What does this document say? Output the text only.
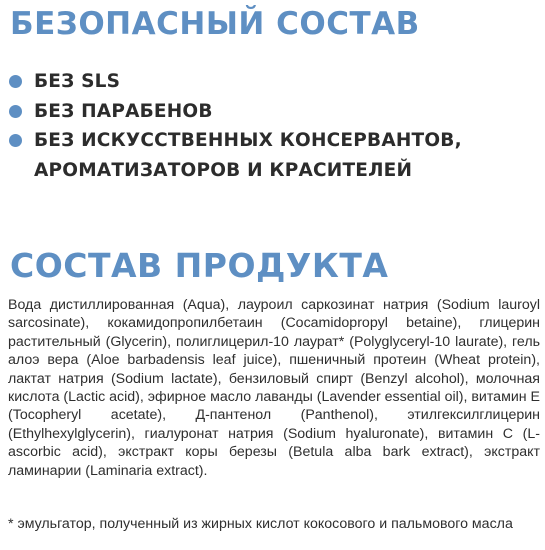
БЕЗОПАСНЫЙ СОСТАВ
БЕЗ SLS
БЕЗ ПАРАБЕНОВ
БЕЗ ИСКУССТВЕННЫХ КОНСЕРВАНТОВ, АРОМАТИЗАТОРОВ И КРАСИТЕЛЕЙ
СОСТАВ ПРОДУКТА

Вода дистиллированная (Aqua), лауроил саркозинат натрия (Sodium lauroyl sarcosinate), кокамидопропилбетаин (Cocamidopropyl betaine), глицерин растительный (Glycerin), полиглицерил-10 лаурат* (Polyglyceryl-10 laurate), гель алоэ вера (Aloe barbadensis leaf juice), пшеничный протеин (Wheat protein), лактат натрия (Sodium lactate), бензиловый спирт (Benzyl alcohol), молочная кислота (Lactic acid), эфирное масло лаванды (Lavender essential oil), витамин Е (Tocopheryl acetate), Д-пантенол (Panthenol), этилгексилглицерин (Ethylhexylglycerin), гиалуронат натрия (Sodium hyaluronate), витамин С (L-ascorbic acid), экстракт коры березы (Betula alba bark extract), экстракт ламинарии (Laminaria extract).

* эмульгатор, полученный из жирных кислот кокосового и пальмового масла
